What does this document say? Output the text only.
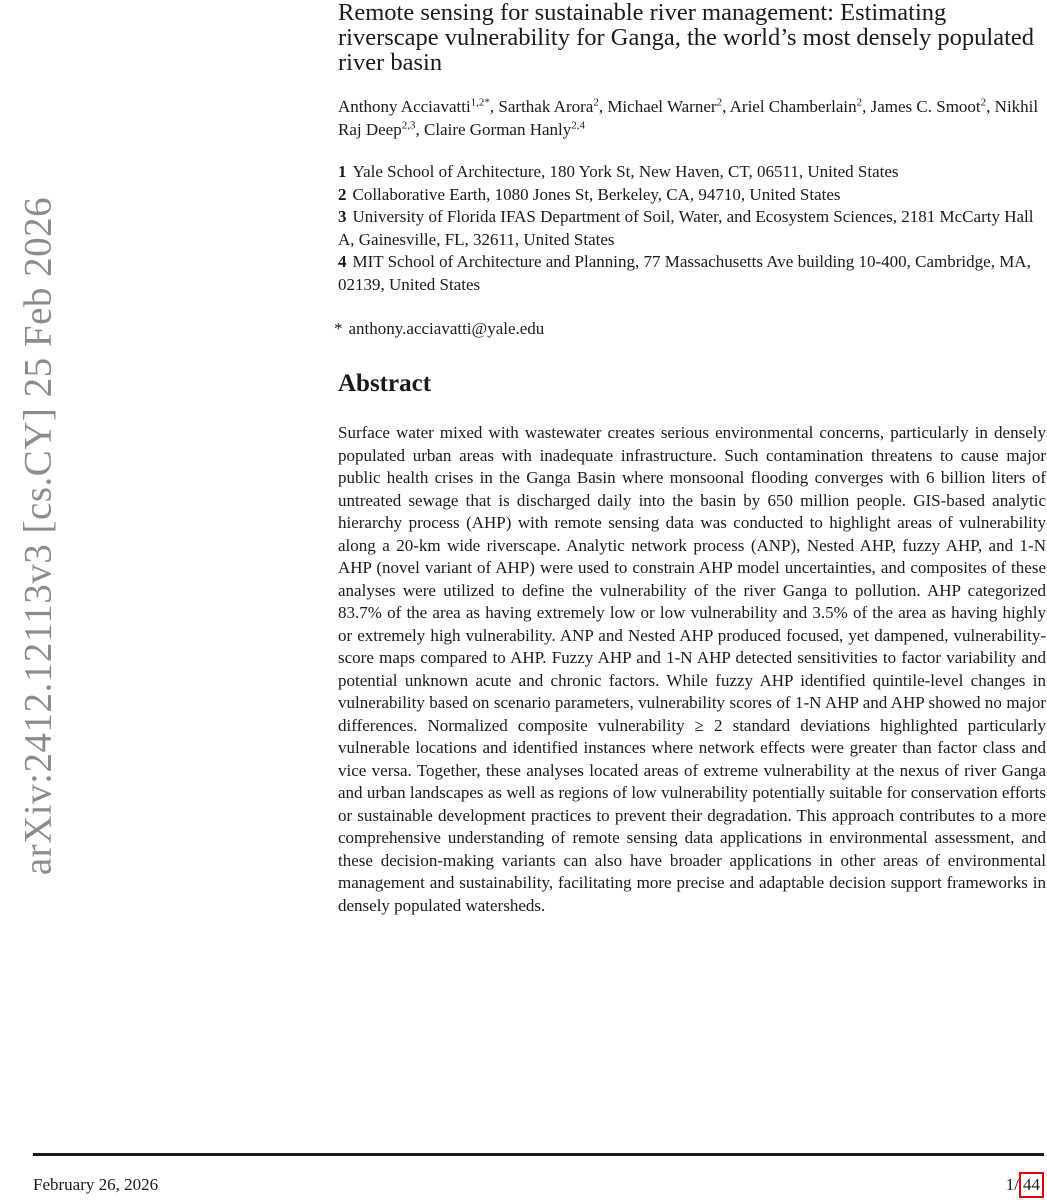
arXiv:2412.12113v3 [cs.CY] 25 Feb 2026
Remote sensing for sustainable river management: Estimating riverscape vulnerability for Ganga, the world’s most densely populated river basin
Anthony Acciavatti$^{1,2*}$, Sarthak Arora$^2$, Michael Warner$^2$, Ariel Chamberlain$^2$, James C. Smoot$^2$, Nikhil Raj Deep$^{2,3}$, Claire Gorman Hanly$^{2,4}$
1 Yale School of Architecture, 180 York St, New Haven, CT, 06511, United States
2 Collaborative Earth, 1080 Jones St, Berkeley, CA, 94710, United States
3 University of Florida IFAS Department of Soil, Water, and Ecosystem Sciences, 2181 McCarty Hall A, Gainesville, FL, 32611, United States
4 MIT School of Architecture and Planning, 77 Massachusetts Ave building 10-400, Cambridge, MA, 02139, United States
* anthony.acciavatti@yale.edu
Abstract

Surface water mixed with wastewater creates serious environmental concerns, particularly in densely populated urban areas with inadequate infrastructure. Such contamination threatens to cause major public health crises in the Ganga Basin where monsoonal flooding converges with 6 billion liters of untreated sewage that is discharged daily into the basin by 650 million people. GIS-based analytic hierarchy process (AHP) with remote sensing data was conducted to highlight areas of vulnerability along a 20-km wide riverscape. Analytic network process (ANP), Nested AHP, fuzzy AHP, and 1-N AHP (novel variant of AHP) were used to constrain AHP model uncertainties, and composites of these analyses were utilized to define the vulnerability of the river Ganga to pollution. AHP categorized 83.7% of the area as having extremely low or low vulnerability and 3.5% of the area as having highly or extremely high vulnerability. ANP and Nested AHP produced focused, yet dampened, vulnerability-score maps compared to AHP. Fuzzy AHP and 1-N AHP detected sensitivities to factor variability and potential unknown acute and chronic factors. While fuzzy AHP identified quintile-level changes in vulnerability based on scenario parameters, vulnerability scores of 1-N AHP and AHP showed no major differences. Normalized composite vulnerability ≥ 2 standard deviations highlighted particularly vulnerable locations and identified instances where network effects were greater than factor class and vice versa. Together, these analyses located areas of extreme vulnerability at the nexus of river Ganga and urban landscapes as well as regions of low vulnerability potentially suitable for conservation efforts or sustainable development practices to prevent their degradation. This approach contributes to a more comprehensive understanding of remote sensing data applications in environmental assessment, and these decision-making variants can also have broader applications in other areas of environmental management and sustainability, facilitating more precise and adaptable decision support frameworks in densely populated watersheds.

February 26, 2026	1 / 44
